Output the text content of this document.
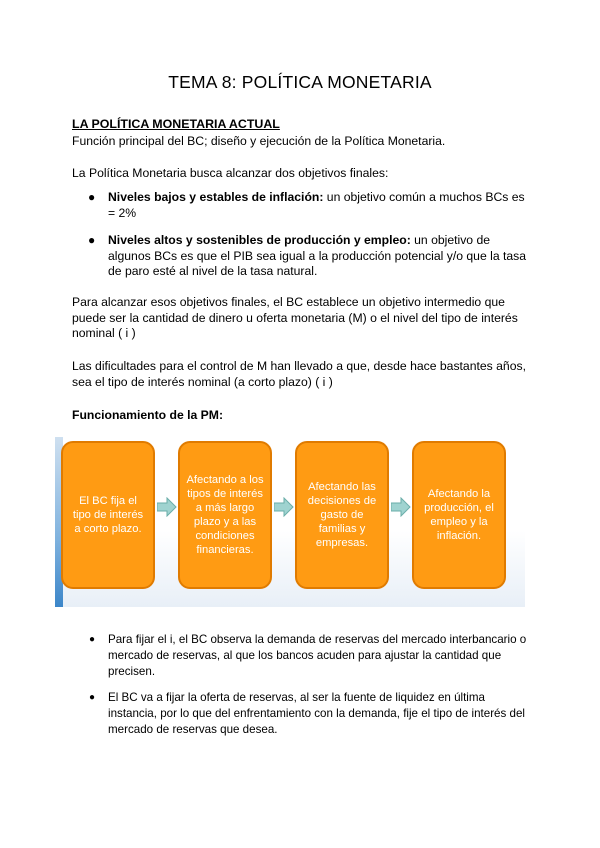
TEMA 8: POLÍTICA MONETARIA
LA POLÍTICA MONETARIA ACTUAL
Función principal del BC; diseño y ejecución de la Política Monetaria.
La Política Monetaria busca alcanzar dos objetivos finales:
● Niveles bajos y estables de inflación: un objetivo común a muchos BCs es = 2%
● Niveles altos y sostenibles de producción y empleo: un objetivo de algunos BCs es que el PIB sea igual a la producción potencial y/o que la tasa de paro esté al nivel de la tasa natural.
Para alcanzar esos objetivos finales, el BC establece un objetivo intermedio que puede ser la cantidad de dinero u oferta monetaria (M) o el nivel del tipo de interés nominal ( i )
Las dificultades para el control de M han llevado a que, desde hace bastantes años, sea el tipo de interés nominal (a corto plazo) ( i )
Funcionamiento de la PM:
El BC fija el tipo de interés a corto plazo.
Afectando a los tipos de interés a más largo plazo y a las condiciones financieras.
Afectando las decisiones de gasto de familias y empresas.
Afectando la producción, el empleo y la inflación.
● Para fijar el i, el BC observa la demanda de reservas del mercado interbancario o mercado de reservas, al que los bancos acuden para ajustar la cantidad que precisen.
● El BC va a fijar la oferta de reservas, al ser la fuente de liquidez en última instancia, por lo que del enfrentamiento con la demanda, fije el tipo de interés del mercado de reservas que desea.
